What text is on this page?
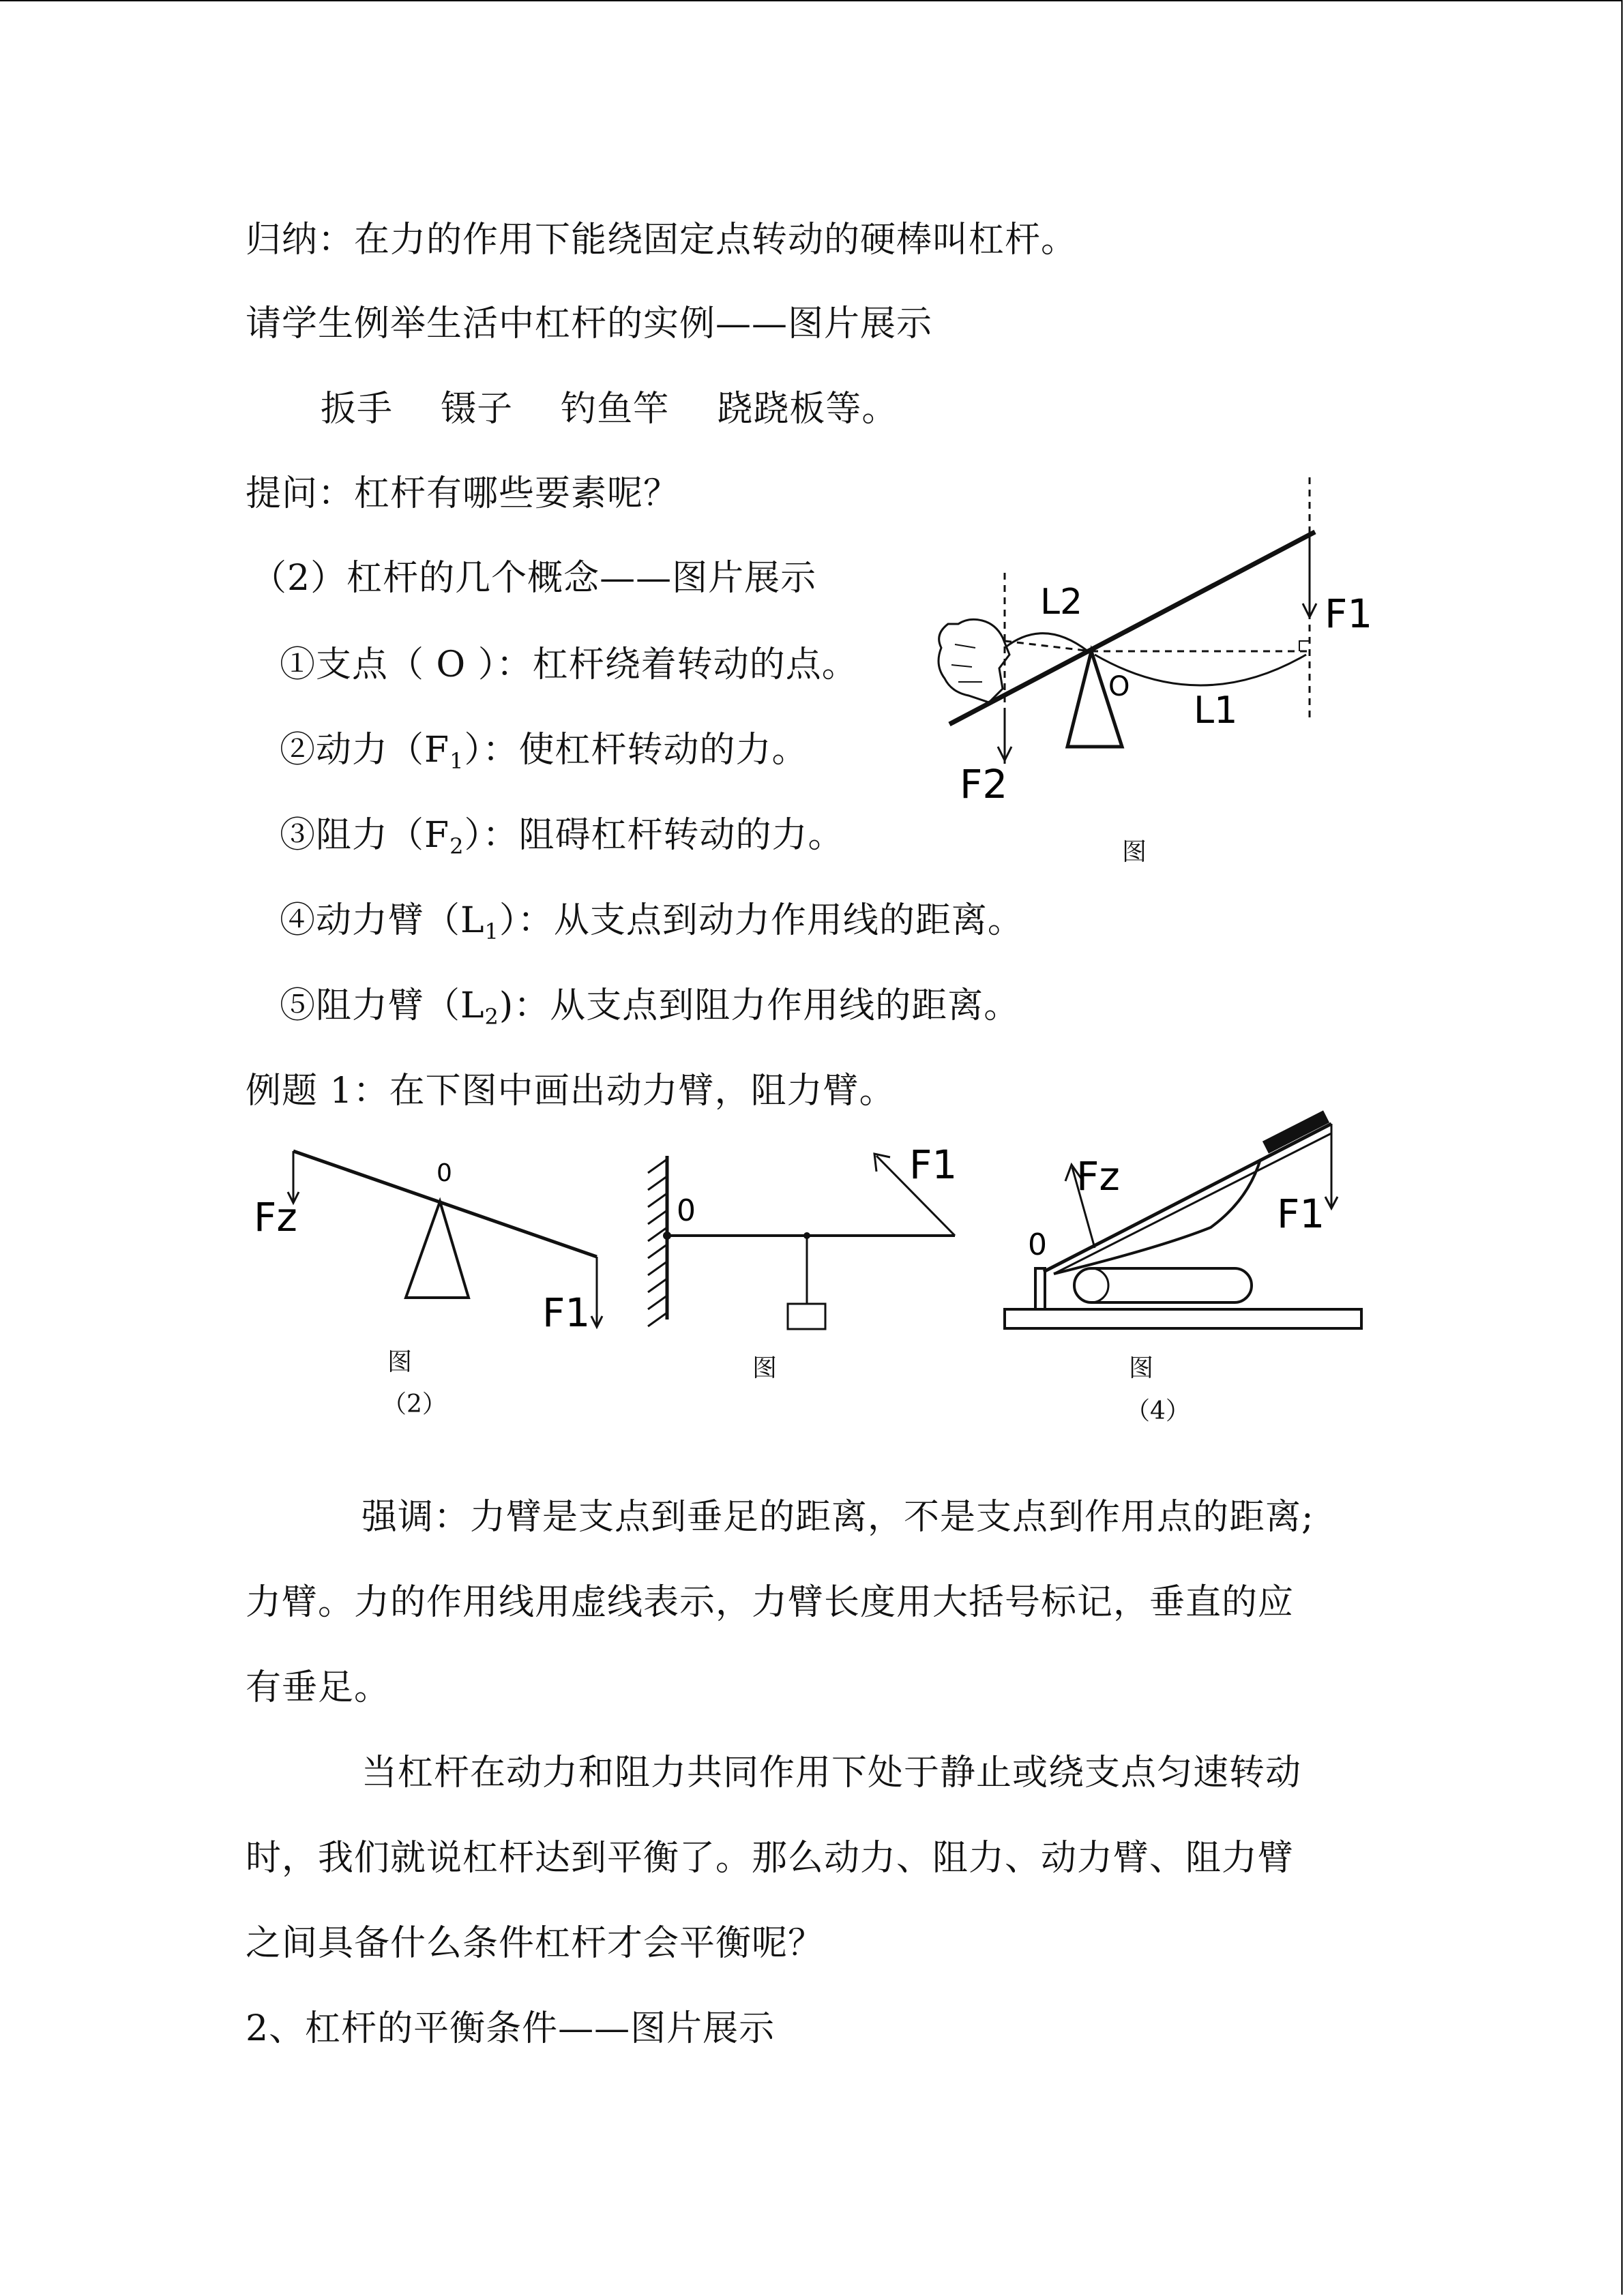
归纳：在力的作用下能绕固定点转动的硬棒叫杠杆。
请学生例举生活中杠杆的实例——图片展示
扳手    镊子    钓鱼竿    跷跷板等。
提问：杠杆有哪些要素呢？
（2）杠杆的几个概念——图片展示
①支点（ O ）：杠杆绕着转动的点。
②动力$(F_1)$：使杠杆转动的力。
③阻力$(F_2)$：阻碍杠杆转动的力。
④动力臂$(L_1)$：从支点到动力作用线的距离。
⑤阻力臂$(L_2)$：从支点到阻力作用线的距离。
例题 1：在下图中画出动力臂，阻力臂。
强调：力臂是支点到垂足的距离，不是支点到作用点的距离;
力臂。力的作用线用虚线表示，力臂长度用大括号标记，垂直的应
有垂足。
当杠杆在动力和阻力共同作用下处于静止或绕支点匀速转动
时，我们就说杠杆达到平衡了。那么动力、阻力、动力臂、阻力臂
之间具备什么条件杠杆才会平衡呢？
2、杠杆的平衡条件——图片展示
L2	F1
O
L1
F2
图
Fz
0
F1
图
（2）
0
F1
图
Fz
0
F1
图
（4）
